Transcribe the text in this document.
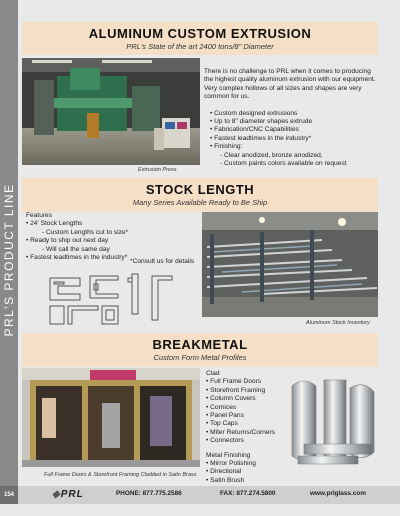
PRL'S PRODUCT LINE
ALUMINUM CUSTOM EXTRUSION
PRL's State of the art 2400 tons/8" Diameter
Extrusion Press

There is no challenge to PRL when it comes to producing the highest quality aluminum extrusion with our equipment. Very complex hollows of all sizes and shapes are very common for us.

• Custom designed extrusions
• Up to 8" diameter shapes extrude
• Fabrication/CNC Capabilities
• Fastest leadtimes in the industry*
• Finishing:
- Clear anodized, bronze anodized,
- Custom paints colors available on request
STOCK LENGTH
Many Series Available Ready to Be Ship

Features

• 24' Stock Lengths
- Custom Lengths cut to size*
• Ready to ship out next day
- Will call the same day
• Fastest leadtimes in the industry*
*Consult us for details
Aluminum Stock Inventory
BREAKMETAL
Custom Form Metal Profiles
Full Frame Doors & Storefront Framing Cladded in Satin Brass

Clad

• Full Frame Doors
• Storefront Framing
• Column Covers
• Cornices
• Panel Pans
• Top Caps
• Miter Returns/Corners
• Connectors

Metal Finishing

• Mirror Polishing
• Directional
• Satin Brush
154	◆PRL	PHONE: 877.775.2586	FAX: 877.274.5800	www.prlglass.com
